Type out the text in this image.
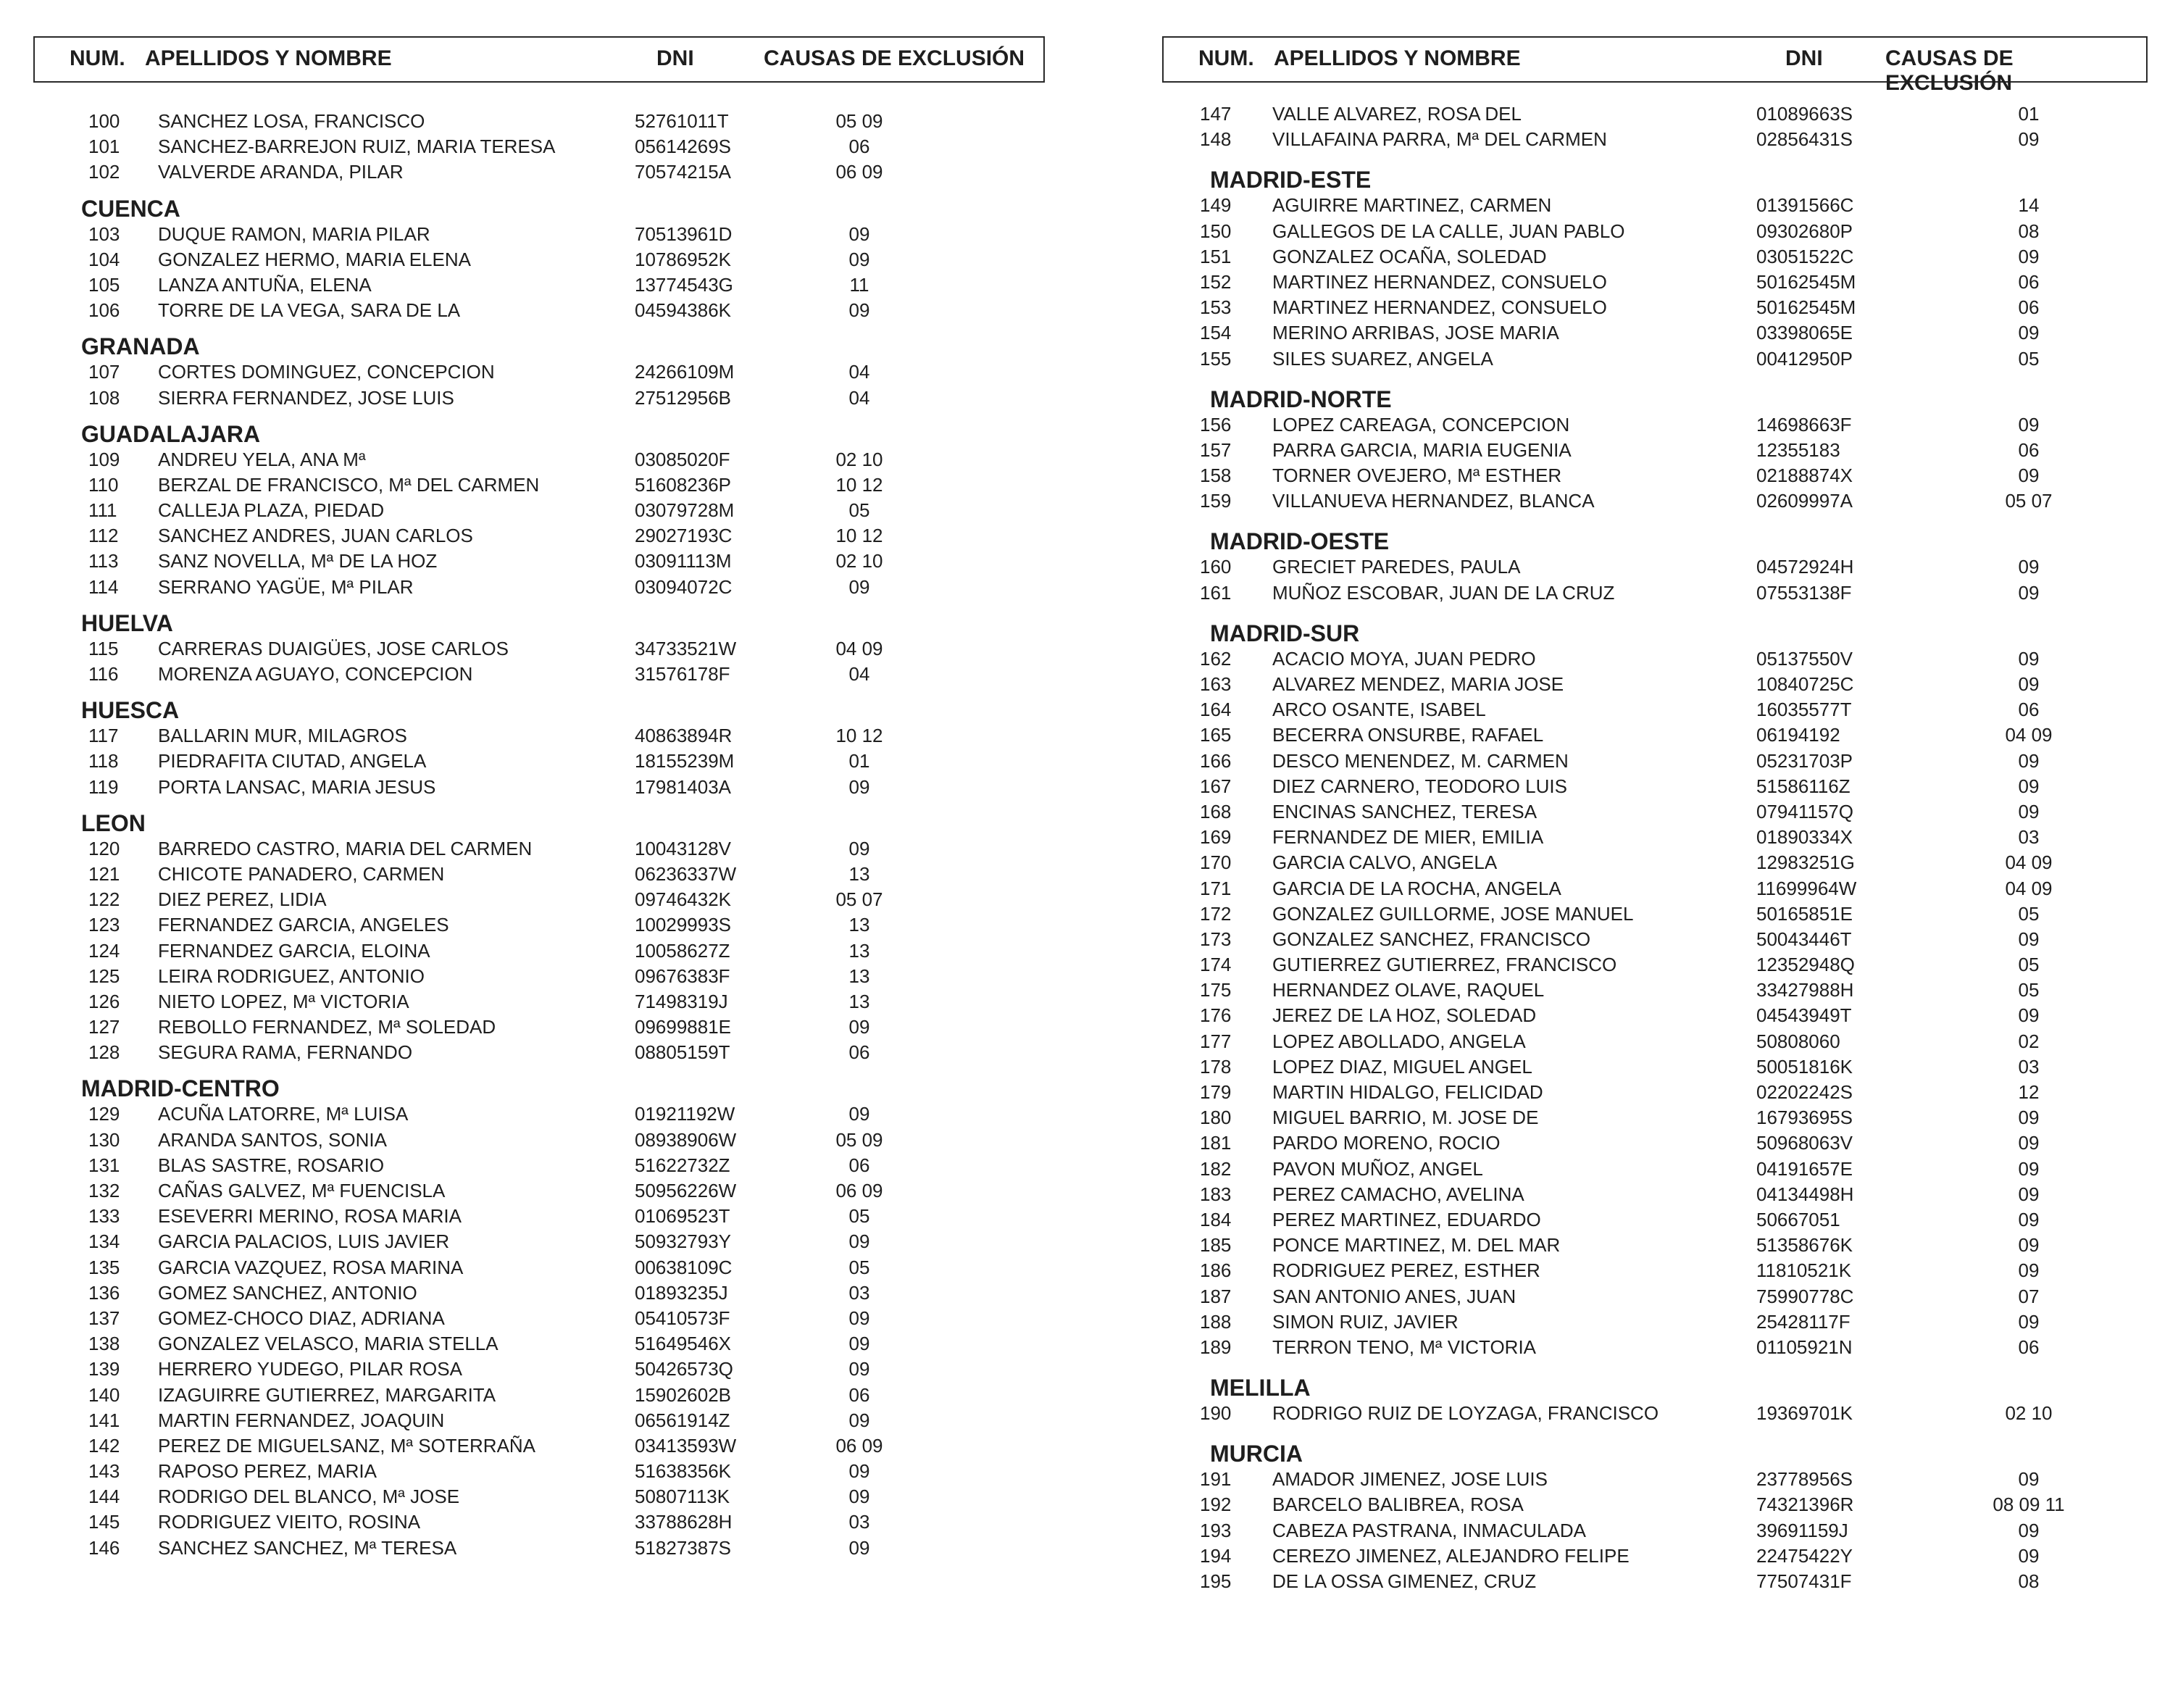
NUM. APELLIDOS Y NOMBRE	DNI	CAUSAS DE EXCLUSIÓN
100 SANCHEZ LOSA, FRANCISCO	52761011T	05 09
101 SANCHEZ-BARREJON RUIZ, MARIA TERESA	05614269S	06
102 VALVERDE ARANDA, PILAR	70574215A	06 09
CUENCA
103 DUQUE RAMON, MARIA PILAR	70513961D	09
104 GONZALEZ HERMO, MARIA ELENA	10786952K	09
105 LANZA ANTUÑA, ELENA	13774543G	11
106 TORRE DE LA VEGA, SARA DE LA	04594386K	09
GRANADA
107 CORTES DOMINGUEZ, CONCEPCION	24266109M	04
108 SIERRA FERNANDEZ, JOSE LUIS	27512956B	04
GUADALAJARA
109 ANDREU YELA, ANA Mª	03085020F	02 10
110 BERZAL DE FRANCISCO, Mª DEL CARMEN	51608236P	10 12
111 CALLEJA PLAZA, PIEDAD	03079728M	05
112 SANCHEZ ANDRES, JUAN CARLOS	29027193C	10 12
113 SANZ NOVELLA, Mª DE LA HOZ	03091113M	02 10
114 SERRANO YAGÜE, Mª PILAR	03094072C	09
HUELVA
115 CARRERAS DUAIGÜES, JOSE CARLOS	34733521W	04 09
116 MORENZA AGUAYO, CONCEPCION	31576178F	04
HUESCA
117 BALLARIN MUR, MILAGROS	40863894R	10 12
118 PIEDRAFITA CIUTAD, ANGELA	18155239M	01
119 PORTA LANSAC, MARIA JESUS	17981403A	09
LEON
120 BARREDO CASTRO, MARIA DEL CARMEN	10043128V	09
121 CHICOTE PANADERO, CARMEN	06236337W	13
122 DIEZ PEREZ, LIDIA	09746432K	05 07
123 FERNANDEZ GARCIA, ANGELES	10029993S	13
124 FERNANDEZ GARCIA, ELOINA	10058627Z	13
125 LEIRA RODRIGUEZ, ANTONIO	09676383F	13
126 NIETO LOPEZ, Mª VICTORIA	71498319J	13
127 REBOLLO FERNANDEZ, Mª SOLEDAD	09699881E	09
128 SEGURA RAMA, FERNANDO	08805159T	06
MADRID-CENTRO
129 ACUÑA LATORRE, Mª LUISA	01921192W	09
130 ARANDA SANTOS, SONIA	08938906W	05 09
131 BLAS SASTRE, ROSARIO	51622732Z	06
132 CAÑAS GALVEZ, Mª FUENCISLA	50956226W	06 09
133 ESEVERRI MERINO, ROSA MARIA	01069523T	05
134 GARCIA PALACIOS, LUIS JAVIER	50932793Y	09
135 GARCIA VAZQUEZ, ROSA MARINA	00638109C	05
136 GOMEZ SANCHEZ, ANTONIO	01893235J	03
137 GOMEZ-CHOCO DIAZ, ADRIANA	05410573F	09
138 GONZALEZ VELASCO, MARIA STELLA	51649546X	09
139 HERRERO YUDEGO, PILAR ROSA	50426573Q	09
140 IZAGUIRRE GUTIERREZ, MARGARITA	15902602B	06
141 MARTIN FERNANDEZ, JOAQUIN	06561914Z	09
142 PEREZ DE MIGUELSANZ, Mª SOTERRAÑA	03413593W	06 09
143 RAPOSO PEREZ, MARIA	51638356K	09
144 RODRIGO DEL BLANCO, Mª JOSE	50807113K	09
145 RODRIGUEZ VIEITO, ROSINA	33788628H	03
146 SANCHEZ SANCHEZ, Mª TERESA	51827387S	09
NUM. APELLIDOS Y NOMBRE	DNI	CAUSAS DE EXCLUSIÓN
147 VALLE ALVAREZ, ROSA DEL	01089663S	01
148 VILLAFAINA PARRA, Mª DEL CARMEN	02856431S	09
MADRID-ESTE
149 AGUIRRE MARTINEZ, CARMEN	01391566C	14
150 GALLEGOS DE LA CALLE, JUAN PABLO	09302680P	08
151 GONZALEZ OCAÑA, SOLEDAD	03051522C	09
152 MARTINEZ HERNANDEZ, CONSUELO	50162545M	06
153 MARTINEZ HERNANDEZ, CONSUELO	50162545M	06
154 MERINO ARRIBAS, JOSE MARIA	03398065E	09
155 SILES SUAREZ, ANGELA	00412950P	05
MADRID-NORTE
156 LOPEZ CAREAGA, CONCEPCION	14698663F	09
157 PARRA GARCIA, MARIA EUGENIA	12355183	06
158 TORNER OVEJERO, Mª ESTHER	02188874X	09
159 VILLANUEVA HERNANDEZ, BLANCA	02609997A	05 07
MADRID-OESTE
160 GRECIET PAREDES, PAULA	04572924H	09
161 MUÑOZ ESCOBAR, JUAN DE LA CRUZ	07553138F	09
MADRID-SUR
162 ACACIO MOYA, JUAN PEDRO	05137550V	09
163 ALVAREZ MENDEZ, MARIA JOSE	10840725C	09
164 ARCO OSANTE, ISABEL	16035577T	06
165 BECERRA ONSURBE, RAFAEL	06194192	04 09
166 DESCO MENENDEZ, M. CARMEN	05231703P	09
167 DIEZ CARNERO, TEODORO LUIS	51586116Z	09
168 ENCINAS SANCHEZ, TERESA	07941157Q	09
169 FERNANDEZ DE MIER, EMILIA	01890334X	03
170 GARCIA CALVO, ANGELA	12983251G	04 09
171 GARCIA DE LA ROCHA, ANGELA	11699964W	04 09
172 GONZALEZ GUILLORME, JOSE MANUEL	50165851E	05
173 GONZALEZ SANCHEZ, FRANCISCO	50043446T	09
174 GUTIERREZ GUTIERREZ, FRANCISCO	12352948Q	05
175 HERNANDEZ OLAVE, RAQUEL	33427988H	05
176 JEREZ DE LA HOZ, SOLEDAD	04543949T	09
177 LOPEZ ABOLLADO, ANGELA	50808060	02
178 LOPEZ DIAZ, MIGUEL ANGEL	50051816K	03
179 MARTIN HIDALGO, FELICIDAD	02202242S	12
180 MIGUEL BARRIO, M. JOSE DE	16793695S	09
181 PARDO MORENO, ROCIO	50968063V	09
182 PAVON MUÑOZ, ANGEL	04191657E	09
183 PEREZ CAMACHO, AVELINA	04134498H	09
184 PEREZ MARTINEZ, EDUARDO	50667051	09
185 PONCE MARTINEZ, M. DEL MAR	51358676K	09
186 RODRIGUEZ PEREZ, ESTHER	11810521K	09
187 SAN ANTONIO ANES, JUAN	75990778C	07
188 SIMON RUIZ, JAVIER	25428117F	09
189 TERRON TENO, Mª VICTORIA	01105921N	06
MELILLA
190 RODRIGO RUIZ DE LOYZAGA, FRANCISCO	19369701K	02 10
MURCIA
191 AMADOR JIMENEZ, JOSE LUIS	23778956S	09
192 BARCELO BALIBREA, ROSA	74321396R	08 09 11
193 CABEZA PASTRANA, INMACULADA	39691159J	09
194 CEREZO JIMENEZ, ALEJANDRO FELIPE	22475422Y	09
195 DE LA OSSA GIMENEZ, CRUZ	77507431F	08
